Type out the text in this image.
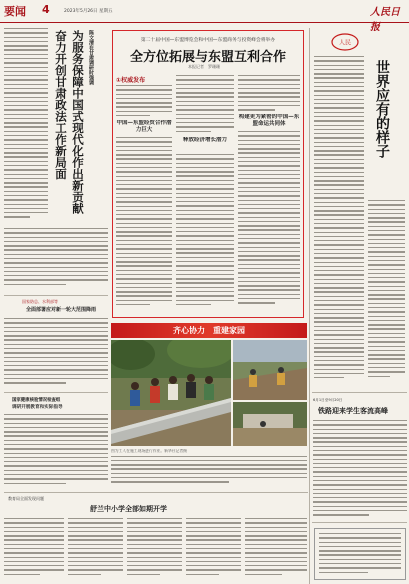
要闻 4	2023年5月26日 星期五	人民日报
陈文清在甘肃调研时强调
为服务保障中国式现代化作出新贡献　奋力开创甘肃政法工作新局面
国家防总、水利部等
全面部署应对新一轮大范围降雨
国家健康核验情况检查组
调研开展教育和实际指导
教育局全面发现问题
舒兰中小学全部如期开学
第二十届中国—东盟博览会和中国—东盟商务与投资峰会将举办
全方位拓展与东盟互利合作
本报记者　罗珊珊
①权威发布
中国—东盟经贸合作潜力巨大
释放经济增长潜力
构建更为紧密的中国—东盟命运共同体
齐心协力　重建家园
图为工人在施工现场进行作业。新华社记者摄
人民
世界应有的样子
6月1日至9月20日
铁路迎来学生客流高峰
